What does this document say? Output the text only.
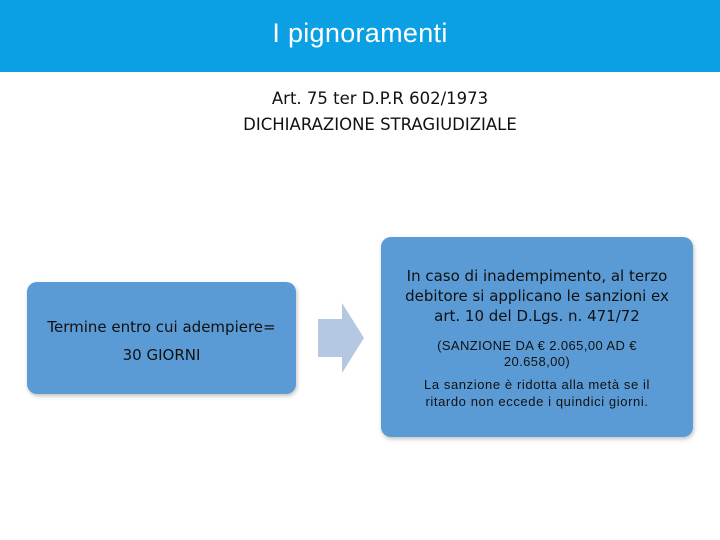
I pignoramenti
Art. 75 ter D.P.R 602/1973
DICHIARAZIONE STRAGIUDIZIALE
Termine entro cui adempiere=
30 GIORNI
In caso di inadempimento, al terzo
debitore si applicano le sanzioni ex
art. 10 del D.Lgs. n. 471/72
(SANZIONE DA € 2.065,00 AD €
20.658,00)
La sanzione è ridotta alla metà se il
ritardo non eccede i quindici giorni.
